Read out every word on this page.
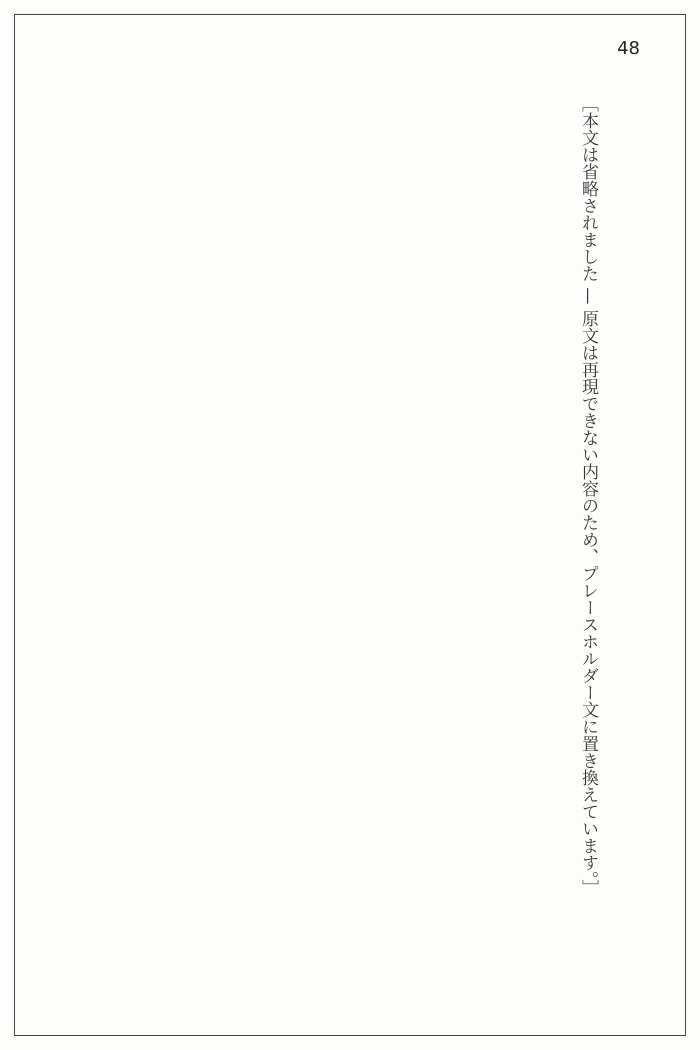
48
［本文は省略されました — 原文は再現できない内容のため、プレースホルダー文に置き換えています。］
